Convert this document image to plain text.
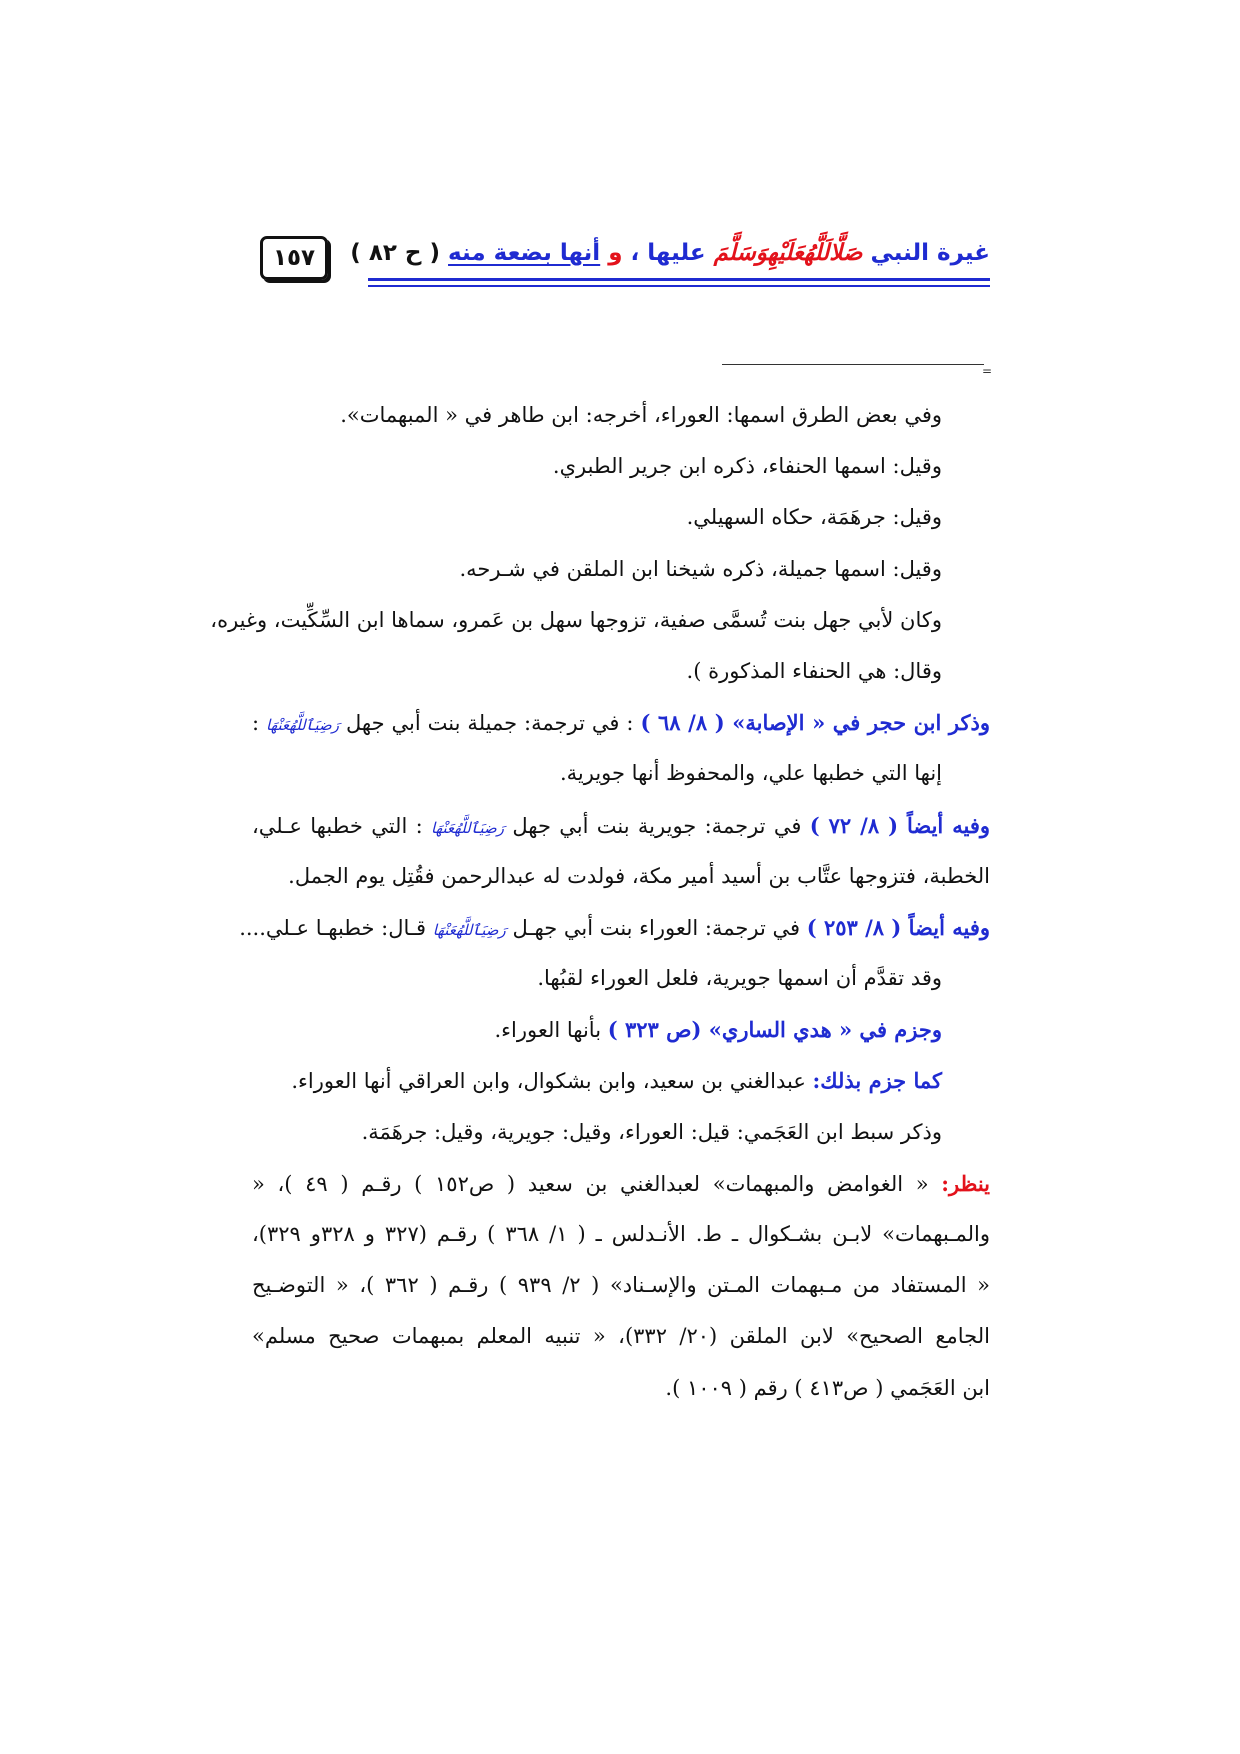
١٥٧	غيرة النبي صَلَّالَلَّهُعَلَيْهِوَسَلَّمَ عليها ، و أنها بضعة منه ( ح ٨٢ )
=
وفي بعض الطرق اسمها: العوراء، أخرجه: ابن طاهر في « المبهمات».
وقيل: اسمها الحنفاء، ذكره ابن جرير الطبري.
وقيل: جرهَمَة، حكاه السهيلي.
وقيل: اسمها جميلة، ذكره شيخنا ابن الملقن في شـرحه.
وكان لأبي جهل بنت تُسمَّى صفية، تزوجها سهل بن عَمرو، سماها ابن السِّكِّيت، وغيره،
وقال: هي الحنفاء المذكورة ).
وذكر ابن حجر في « الإصابة» ( ٨/ ٦٨ ) : في ترجمة: جميلة بنت أبي جهل رَضِيَٱللَّهُعَنْهَا :
إنها التي خطبها علي، والمحفوظ أنها جويرية.
وفيه أيضاً ( ٨/ ٧٢ ) في ترجمة: جويرية بنت أبي جهل رَضِيَٱللَّهُعَنْهَا : التي خطبها عـلي،
الخطبة، فتزوجها عتَّاب بن أسيد أمير مكة، فولدت له عبدالرحمن فقُتِل يوم الجمل.
وفيه أيضاً ( ٨/ ٢٥٣ ) في ترجمة: العوراء بنت أبي جهـل رَضِيَٱللَّهُعَنْهَا قـال: خطبهـا عـلي....
وقد تقدَّم أن اسمها جويرية، فلعل العوراء لقبُها.
وجزم في « هدي الساري» (ص ٣٢٣ ) بأنها العوراء.
كما جزم بذلك: عبدالغني بن سعيد، وابن بشكوال، وابن العراقي أنها العوراء.
وذكر سبط ابن العَجَمي: قيل: العوراء، وقيل: جويرية، وقيل: جرهَمَة.
ينظر: « الغوامض والمبهمات» لعبدالغني بن سعيد ( ص١٥٢ ) رقـم ( ٤٩ )، «
والمـبهمات» لابـن بشـكوال ـ ط. الأنـدلس ـ ( ١/ ٣٦٨ ) رقـم (٣٢٧ و ٣٢٨و ٣٢٩)،
« المستفاد من مـبهمات المـتن والإسـناد» ( ٢/ ٩٣٩ ) رقـم ( ٣٦٢ )، « التوضـيح
الجامع الصحيح» لابن الملقن (٢٠/ ٣٣٢)، « تنبيه المعلم بمبهمات صحيح مسلم»
ابن العَجَمي ( ص٤١٣ ) رقم ( ١٠٠٩ ).
